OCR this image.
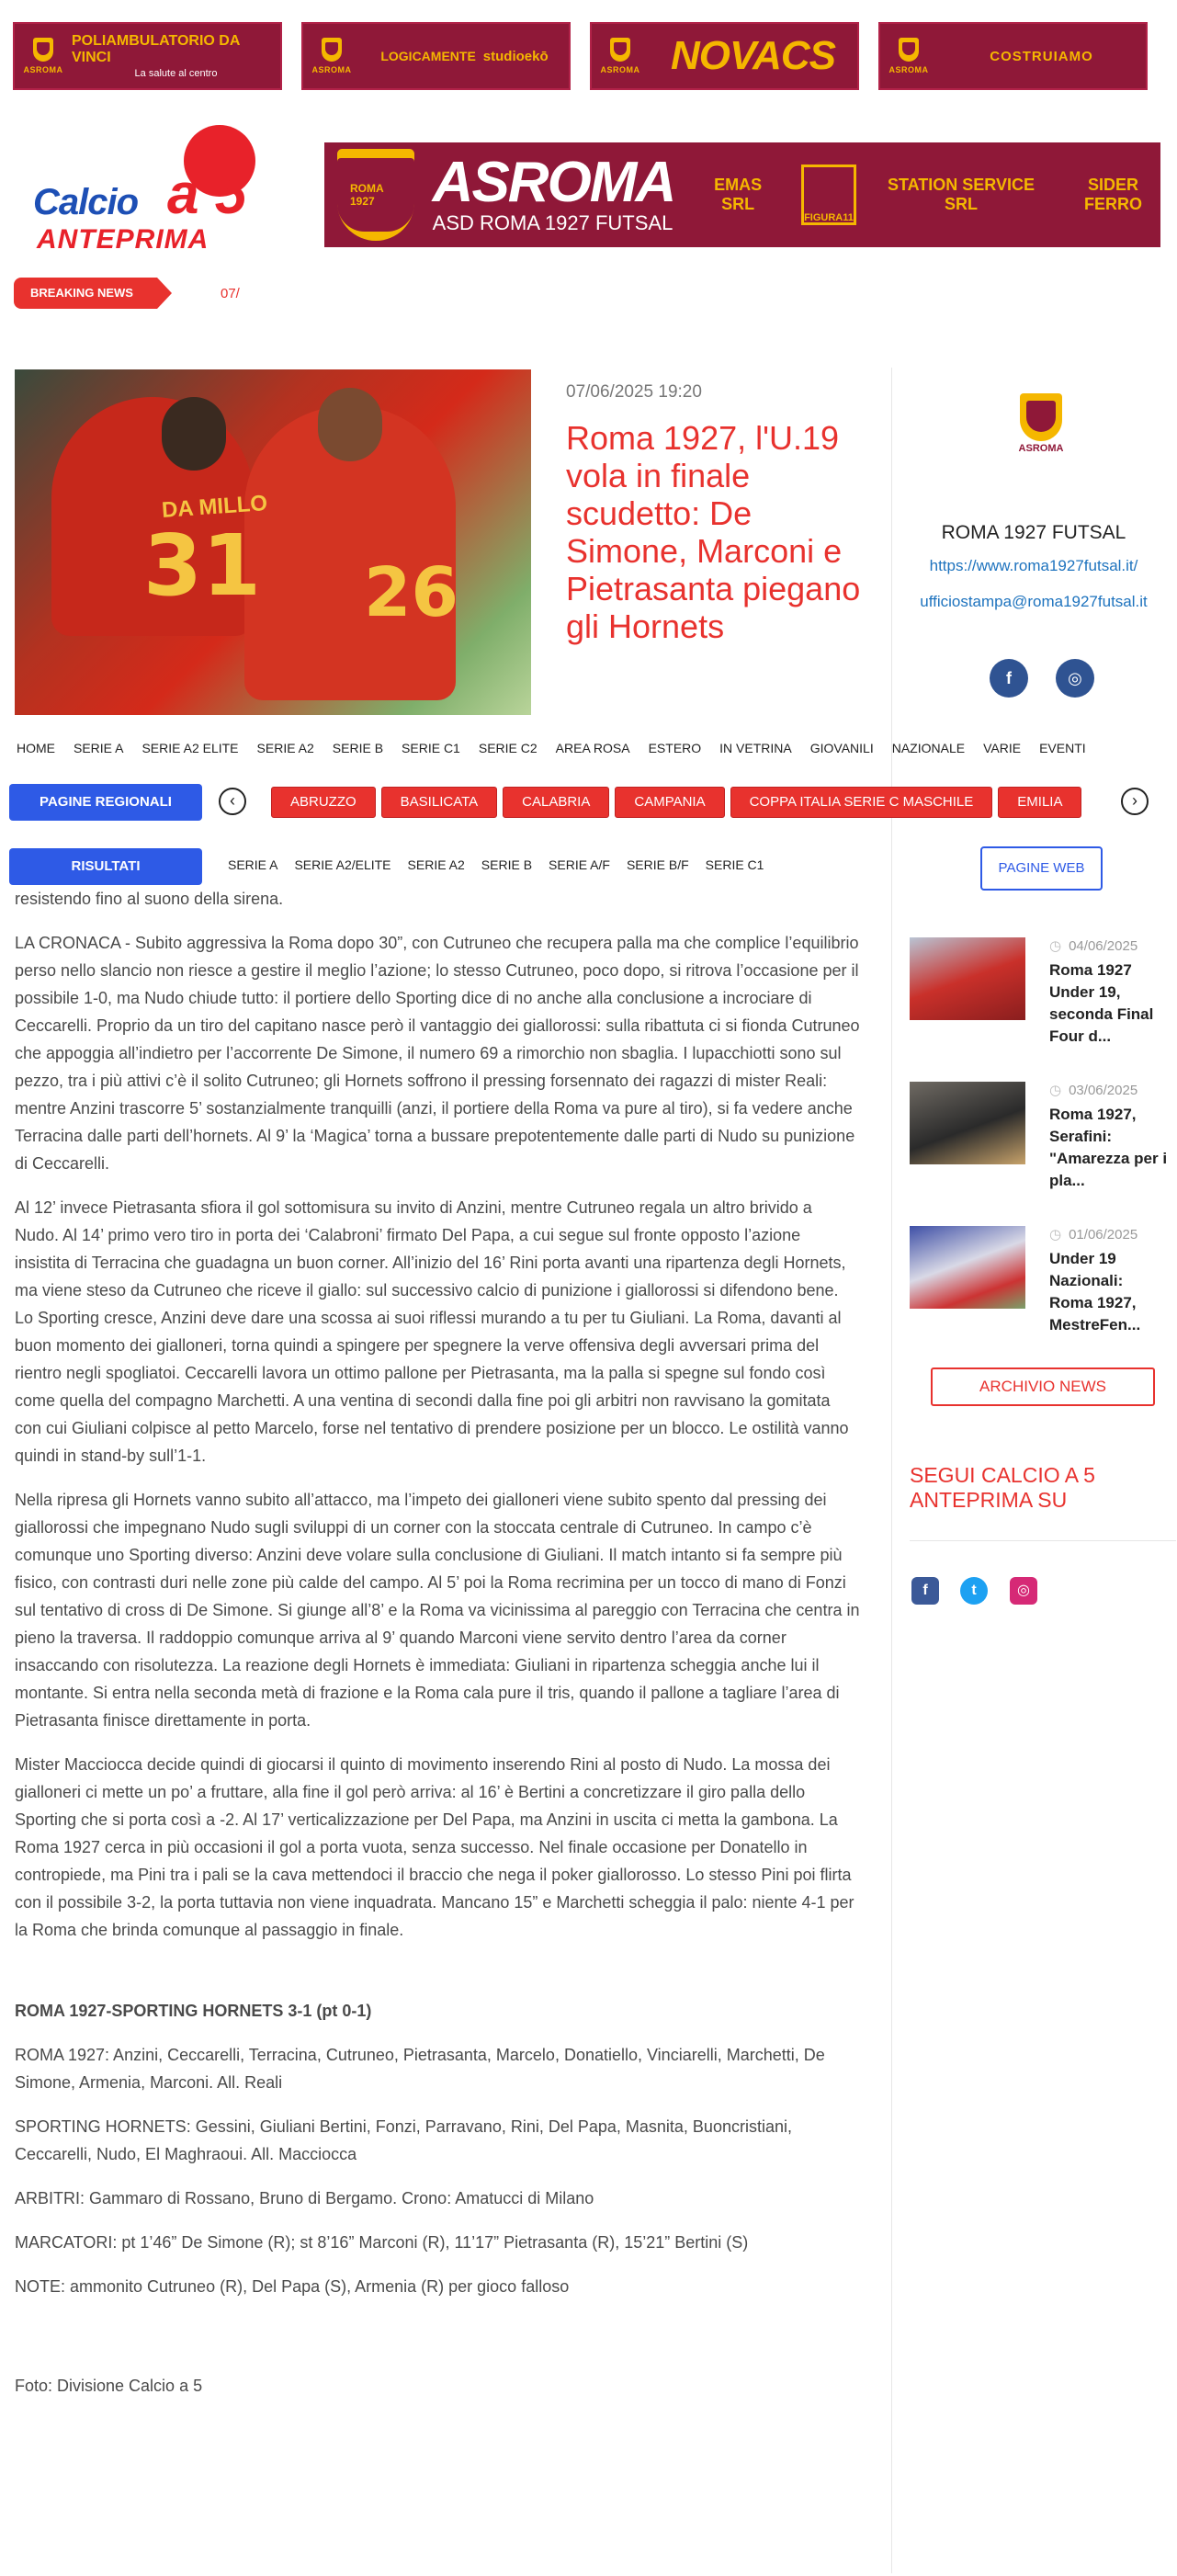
ASROMA
POLIAMBULATORIO DA VINCI
La salute al centro	ASROMA
LOGICAMENTE studioekō
ASROMA NOVACS	ASROMA
COSTRUIAMO
Calcio a 5
ANTEPRIMA
ROMA 1927	ASROMA
ASD ROMA 1927 FUTSAL
EMAS SRL
FIGURA11
STATION SERVICE SRL
SIDER FERRO
BREAKING NEWS	07/
DA MILLO
31 26
07/06/2025 19:20
Roma 1927, l'U.19 vola in finale scudetto: De Simone, Marconi e Pietrasanta piegano gli Hornets
ASROMA
ROMA 1927 FUTSAL
https://www.roma1927futsal.it/
ufficiostampa@roma1927futsal.it
f	◎
HOME SERIE A SERIE A2 ELITE SERIE A2 SERIE B SERIE C1 SERIE C2 AREA ROSA ESTERO IN VETRINA GIOVANILI NAZIONALE VARIE EVENTI
PAGINE REGIONALI	‹	ABRUZZO	BASILICATA	CALABRIA	CAMPANIA	COPPA ITALIA SERIE C MASCHILE	EMILIA	›
RISULTATI	SERIE A SERIE A2/ELITE SERIE A2 SERIE B SERIE A/F SERIE B/F SERIE C1	PAGINE WEB

resistendo fino al suono della sirena.

LA CRONACA - Subito aggressiva la Roma dopo 30”, con Cutruneo che recupera palla ma che complice l’equilibrio perso nello slancio non riesce a gestire il meglio l’azione; lo stesso Cutruneo, poco dopo, si ritrova l’occasione per il possibile 1-0, ma Nudo chiude tutto: il portiere dello Sporting dice di no anche alla conclusione a incrociare di Ceccarelli. Proprio da un tiro del capitano nasce però il vantaggio dei giallorossi: sulla ribattuta ci si fionda Cutruneo che appoggia all’indietro per l’accorrente De Simone, il numero 69 a rimorchio non sbaglia. I lupacchiotti sono sul pezzo, tra i più attivi c’è il solito Cutruneo; gli Hornets soffrono il pressing forsennato dei ragazzi di mister Reali: mentre Anzini trascorre 5’ sostanzialmente tranquilli (anzi, il portiere della Roma va pure al tiro), si fa vedere anche Terracina dalle parti dell’hornets. Al 9’ la ‘Magica’ torna a bussare prepotentemente dalle parti di Nudo su punizione di Ceccarelli.

Al 12’ invece Pietrasanta sfiora il gol sottomisura su invito di Anzini, mentre Cutruneo regala un altro brivido a Nudo. Al 14’ primo vero tiro in porta dei ‘Calabroni’ firmato Del Papa, a cui segue sul fronte opposto l’azione insistita di Terracina che guadagna un buon corner. All’inizio del 16’ Rini porta avanti una ripartenza degli Hornets, ma viene steso da Cutruneo che riceve il giallo: sul successivo calcio di punizione i giallorossi si difendono bene. Lo Sporting cresce, Anzini deve dare una scossa ai suoi riflessi murando a tu per tu Giuliani. La Roma, davanti al buon momento dei gialloneri, torna quindi a spingere per spegnere la verve offensiva degli avversari prima del rientro negli spogliatoi. Ceccarelli lavora un ottimo pallone per Pietrasanta, ma la palla si spegne sul fondo così come quella del compagno Marchetti. A una ventina di secondi dalla fine poi gli arbitri non ravvisano la gomitata con cui Giuliani colpisce al petto Marcelo, forse nel tentativo di prendere posizione per un blocco. Le ostilità vanno quindi in stand-by sull’1-1.

Nella ripresa gli Hornets vanno subito all’attacco, ma l’impeto dei gialloneri viene subito spento dal pressing dei giallorossi che impegnano Nudo sugli sviluppi di un corner con la stoccata centrale di Cutruneo. In campo c’è comunque uno Sporting diverso: Anzini deve volare sulla conclusione di Giuliani. Il match intanto si fa sempre più fisico, con contrasti duri nelle zone più calde del campo. Al 5’ poi la Roma recrimina per un tocco di mano di Fonzi sul tentativo di cross di De Simone. Si giunge all’8’ e la Roma va vicinissima al pareggio con Terracina che centra in pieno la traversa. Il raddoppio comunque arriva al 9’ quando Marconi viene servito dentro l’area da corner insaccando con risolutezza. La reazione degli Hornets è immediata: Giuliani in ripartenza scheggia anche lui il montante. Si entra nella seconda metà di frazione e la Roma cala pure il tris, quando il pallone a tagliare l’area di Pietrasanta finisce direttamente in porta.

Mister Macciocca decide quindi di giocarsi il quinto di movimento inserendo Rini al posto di Nudo. La mossa dei gialloneri ci mette un po’ a fruttare, alla fine il gol però arriva: al 16’ è Bertini a concretizzare il giro palla dello Sporting che si porta così a -2. Al 17’ verticalizzazione per Del Papa, ma Anzini in uscita ci metta la gambona. La Roma 1927 cerca in più occasioni il gol a porta vuota, senza successo. Nel finale occasione per Donatello in contropiede, ma Pini tra i pali se la cava mettendoci il braccio che nega il poker giallorosso. Lo stesso Pini poi flirta con il possibile 3-2, la porta tuttavia non viene inquadrata. Mancano 15” e Marchetti scheggia il palo: niente 4-1 per la Roma che brinda comunque al passaggio in finale.

ROMA 1927-SPORTING HORNETS 3-1 (pt 0-1)

ROMA 1927: Anzini, Ceccarelli, Terracina, Cutruneo, Pietrasanta, Marcelo, Donatiello, Vinciarelli, Marchetti, De Simone, Armenia, Marconi. All. Reali

SPORTING HORNETS: Gessini, Giuliani Bertini, Fonzi, Parravano, Rini, Del Papa, Masnita, Buoncristiani, Ceccarelli, Nudo, El Maghraoui. All. Macciocca

ARBITRI: Gammaro di Rossano, Bruno di Bergamo. Crono: Amatucci di Milano

MARCATORI: pt 1’46” De Simone (R); st 8’16” Marconi (R), 11’17” Pietrasanta (R), 15’21” Bertini (S)

NOTE: ammonito Cutruneo (R), Del Papa (S), Armenia (R) per gioco falloso

Foto: Divisione Calcio a 5

◷ 04/06/2025
Roma 1927 Under 19, seconda Final Four d...
◷ 03/06/2025
Roma 1927, Serafini: "Amarezza per i pla...
◷ 01/06/2025
Under 19 Nazionali: Roma 1927, MestreFen...
ARCHIVIO NEWS
SEGUI CALCIO A 5 ANTEPRIMA SU
f	t	◎
